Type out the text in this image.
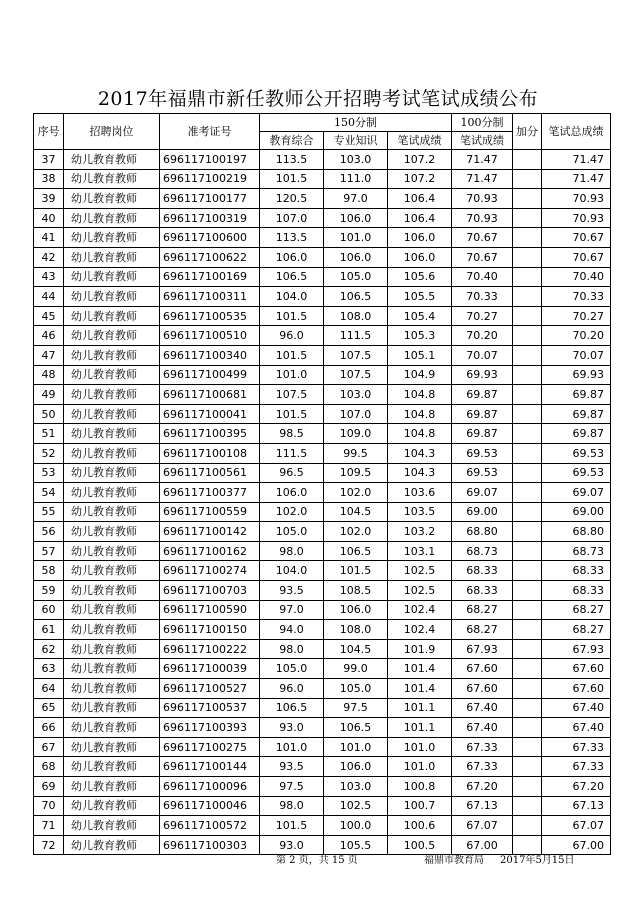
2017年福鼎市新任教师公开招聘考试笔试成绩公布
序号	招聘岗位	准考证号	150分制			100分制	加分	笔试总成绩
			教育综合	专业知识	笔试成绩	笔试成绩		
37	幼儿教育教师	696117100197	113.5	103.0	107.2	71.47		71.47
38	幼儿教育教师	696117100219	101.5	111.0	107.2	71.47		71.47
39	幼儿教育教师	696117100177	120.5	97.0	106.4	70.93		70.93
40	幼儿教育教师	696117100319	107.0	106.0	106.4	70.93		70.93
41	幼儿教育教师	696117100600	113.5	101.0	106.0	70.67		70.67
42	幼儿教育教师	696117100622	106.0	106.0	106.0	70.67		70.67
43	幼儿教育教师	696117100169	106.5	105.0	105.6	70.40		70.40
44	幼儿教育教师	696117100311	104.0	106.5	105.5	70.33		70.33
45	幼儿教育教师	696117100535	101.5	108.0	105.4	70.27		70.27
46	幼儿教育教师	696117100510	96.0	111.5	105.3	70.20		70.20
47	幼儿教育教师	696117100340	101.5	107.5	105.1	70.07		70.07
48	幼儿教育教师	696117100499	101.0	107.5	104.9	69.93		69.93
49	幼儿教育教师	696117100681	107.5	103.0	104.8	69.87		69.87
50	幼儿教育教师	696117100041	101.5	107.0	104.8	69.87		69.87
51	幼儿教育教师	696117100395	98.5	109.0	104.8	69.87		69.87
52	幼儿教育教师	696117100108	111.5	99.5	104.3	69.53		69.53
53	幼儿教育教师	696117100561	96.5	109.5	104.3	69.53		69.53
54	幼儿教育教师	696117100377	106.0	102.0	103.6	69.07		69.07
55	幼儿教育教师	696117100559	102.0	104.5	103.5	69.00		69.00
56	幼儿教育教师	696117100142	105.0	102.0	103.2	68.80		68.80
57	幼儿教育教师	696117100162	98.0	106.5	103.1	68.73		68.73
58	幼儿教育教师	696117100274	104.0	101.5	102.5	68.33		68.33
59	幼儿教育教师	696117100703	93.5	108.5	102.5	68.33		68.33
60	幼儿教育教师	696117100590	97.0	106.0	102.4	68.27		68.27
61	幼儿教育教师	696117100150	94.0	108.0	102.4	68.27		68.27
62	幼儿教育教师	696117100222	98.0	104.5	101.9	67.93		67.93
63	幼儿教育教师	696117100039	105.0	99.0	101.4	67.60		67.60
64	幼儿教育教师	696117100527	96.0	105.0	101.4	67.60		67.60
65	幼儿教育教师	696117100537	106.5	97.5	101.1	67.40		67.40
66	幼儿教育教师	696117100393	93.0	106.5	101.1	67.40		67.40
67	幼儿教育教师	696117100275	101.0	101.0	101.0	67.33		67.33
68	幼儿教育教师	696117100144	93.5	106.0	101.0	67.33		67.33
69	幼儿教育教师	696117100096	97.5	103.0	100.8	67.20		67.20
70	幼儿教育教师	696117100046	98.0	102.5	100.7	67.13		67.13
71	幼儿教育教师	696117100572	101.5	100.0	100.6	67.07		67.07
72	幼儿教育教师	696117100303	93.0	105.5	100.5	67.00		67.00
第 2 页，共 15 页	福鼎市教育局 2017年5月15日
